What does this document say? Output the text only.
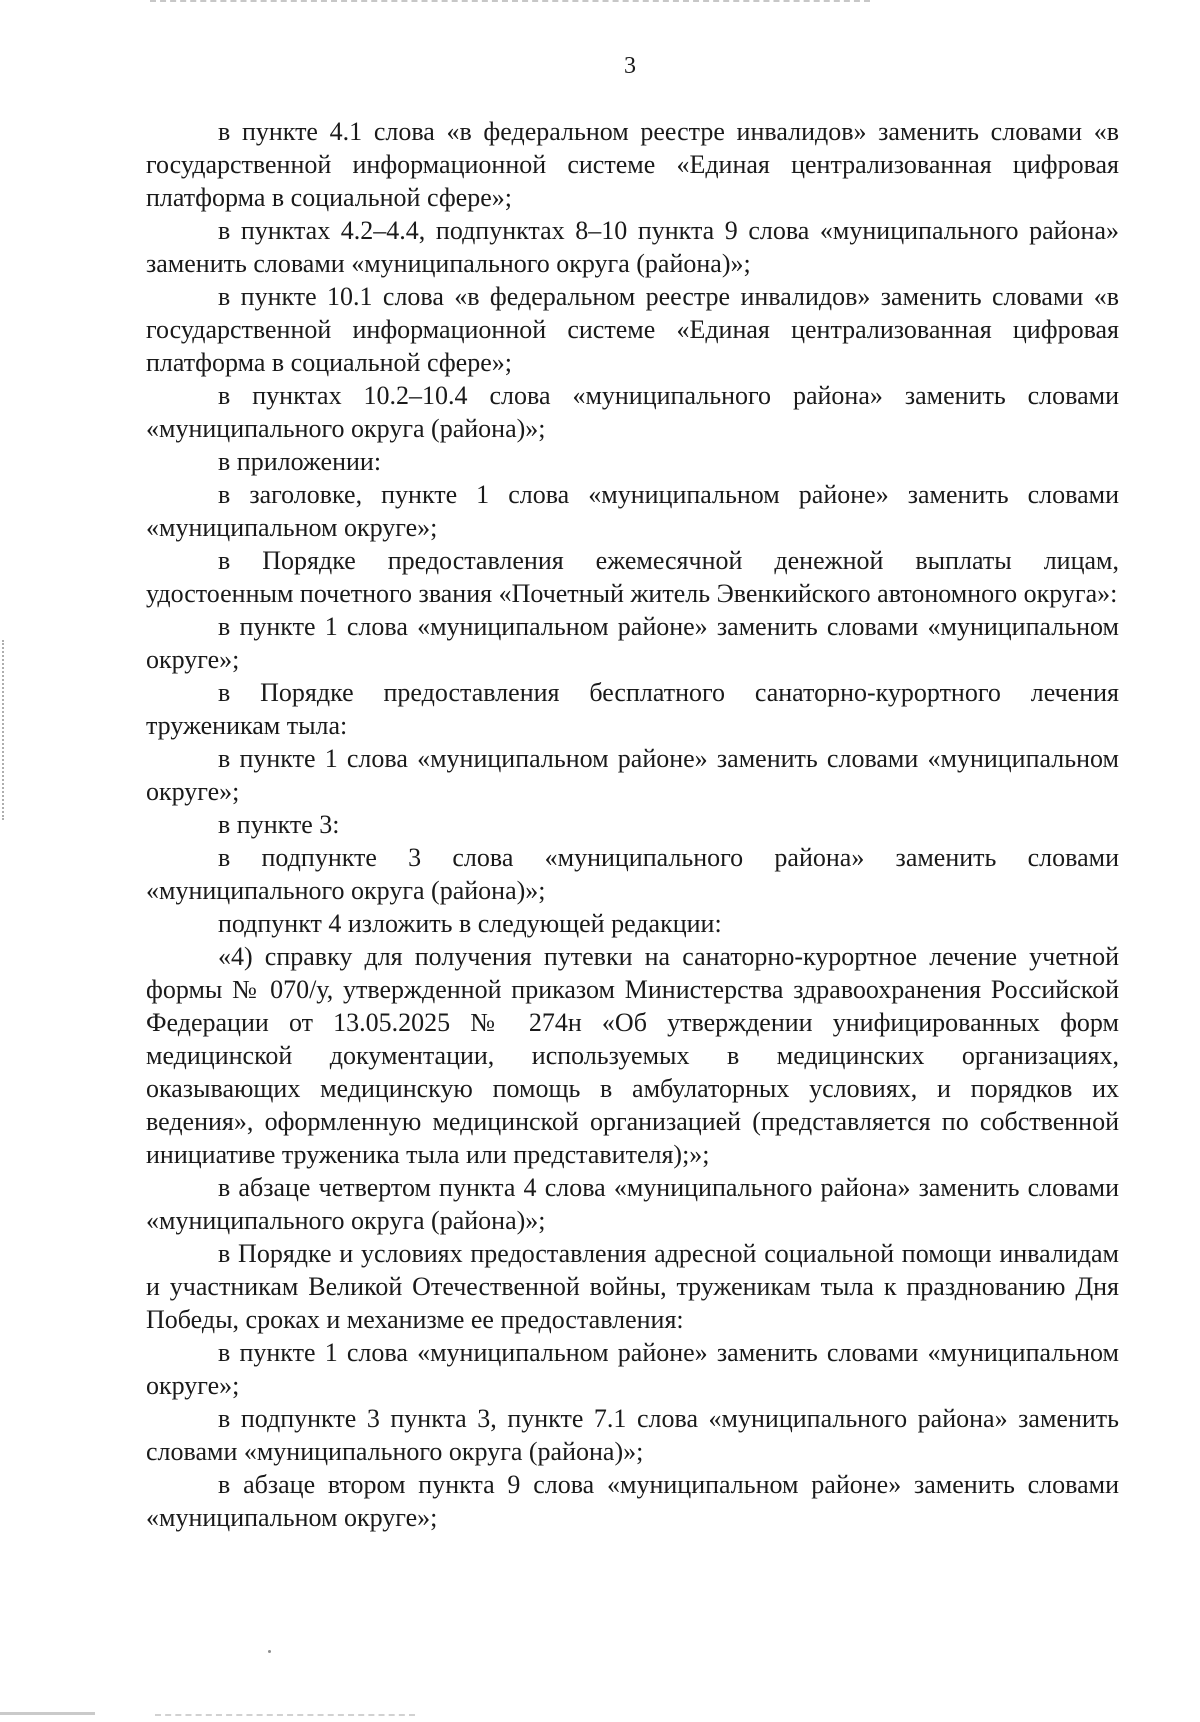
3

в пункте 4.1 слова «в федеральном реестре инвалидов» заменить словами «в государственной информационной системе «Единая централизованная цифровая платформа в социальной сфере»;

в пунктах 4.2–4.4, подпунктах 8–10 пункта 9 слова «муниципального района» заменить словами «муниципального округа (района)»;

в пункте 10.1 слова «в федеральном реестре инвалидов» заменить словами «в государственной информационной системе «Единая централизованная цифровая платформа в социальной сфере»;

в пунктах 10.2–10.4 слова «муниципального района» заменить словами «муниципального округа (района)»;

в приложении:

в заголовке, пункте 1 слова «муниципальном районе» заменить словами «муниципальном округе»;

в Порядке предоставления ежемесячной денежной выплаты лицам, удостоенным почетного звания «Почетный житель Эвенкийского автономного округа»:

в пункте 1 слова «муниципальном районе» заменить словами «муниципальном округе»;

в Порядке предоставления бесплатного санаторно-курортного лечения труженикам тыла:

в пункте 1 слова «муниципальном районе» заменить словами «муниципальном округе»;

в пункте 3:

в подпункте 3 слова «муниципального района» заменить словами «муниципального округа (района)»;

подпункт 4 изложить в следующей редакции:

«4) справку для получения путевки на санаторно-курортное лечение учетной формы № 070/у, утвержденной приказом Министерства здравоохранения Российской Федерации от 13.05.2025 № 274н «Об утверждении унифицированных форм медицинской документации, используемых в медицинских организациях, оказывающих медицинскую помощь в амбулаторных условиях, и порядков их ведения», оформленную медицинской организацией (представляется по собственной инициативе труженика тыла или представителя);»;

в абзаце четвертом пункта 4 слова «муниципального района» заменить словами «муниципального округа (района)»;

в Порядке и условиях предоставления адресной социальной помощи инвалидам и участникам Великой Отечественной войны, труженикам тыла к празднованию Дня Победы, сроках и механизме ее предоставления:

в пункте 1 слова «муниципальном районе» заменить словами «муниципальном округе»;

в подпункте 3 пункта 3, пункте 7.1 слова «муниципального района» заменить словами «муниципального округа (района)»;

в абзаце втором пункта 9 слова «муниципальном районе» заменить словами «муниципальном округе»;
